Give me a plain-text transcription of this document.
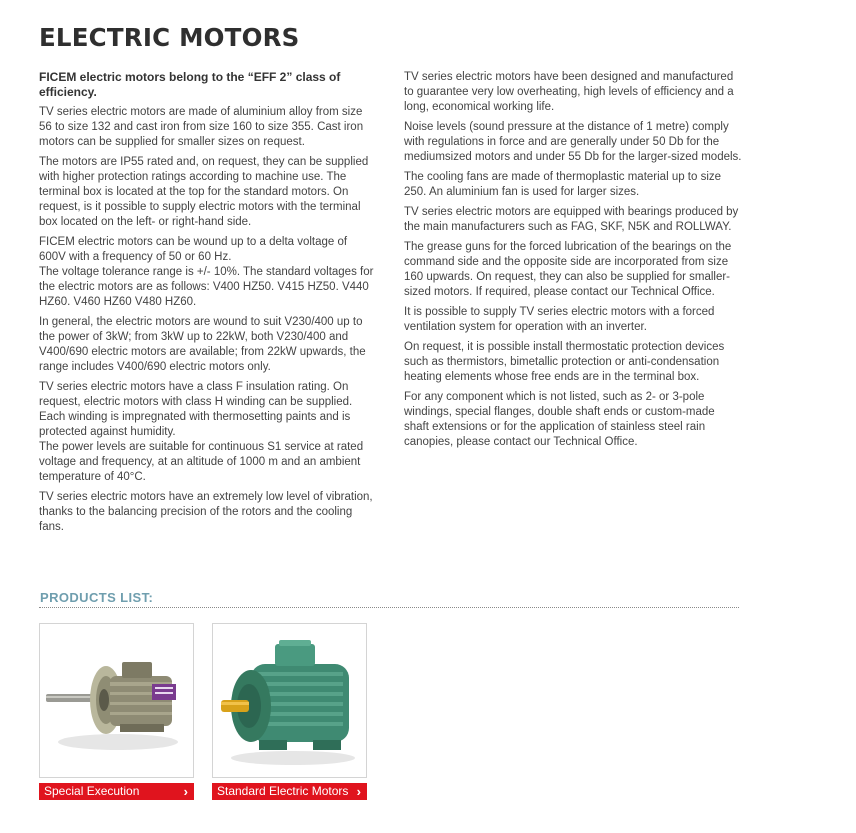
ELECTRIC MOTORS

FICEM electric motors belong to the “EFF 2” class of efficiency.

TV series electric motors are made of aluminium alloy from size 56 to size 132 and cast iron from size 160 to size 355. Cast iron motors can be supplied for smaller sizes on request.

The motors are IP55 rated and, on request, they can be supplied with higher protection ratings according to machine use. The terminal box is located at the top for the standard motors. On request, is it possible to supply electric motors with the terminal box located on the left- or right-hand side.

FICEM electric motors can be wound up to a delta voltage of 600V with a frequency of 50 or 60 Hz.

The voltage tolerance range is +/- 10%. The standard voltages for the electric motors are as follows: V400 HZ50. V415 HZ50. V440 HZ60. V460 HZ60 V480 HZ60.

In general, the electric motors are wound to suit V230/400 up to the power of 3kW; from 3kW up to 22kW, both V230/400 and V400/690 electric motors are available; from 22kW upwards, the range includes V400/690 electric motors only.

TV series electric motors have a class F insulation rating. On request, electric motors with class H winding can be supplied. Each winding is impregnated with thermosetting paints and is protected against humidity.

The power levels are suitable for continuous S1 service at rated voltage and frequency, at an altitude of 1000 m and an ambient temperature of 40°C.

TV series electric motors have an extremely low level of vibration, thanks to the balancing precision of the rotors and the cooling fans.

TV series electric motors have been designed and manufactured to guarantee very low overheating, high levels of efficiency and a long, economical working life.

Noise levels (sound pressure at the distance of 1 metre) comply with regulations in force and are generally under 50 Db for the mediumsized motors and under 55 Db for the larger-sized models.

The cooling fans are made of thermoplastic material up to size 250. An aluminium fan is used for larger sizes.

TV series electric motors are equipped with bearings produced by the main manufacturers such as FAG, SKF, N5K and ROLLWAY.

The grease guns for the forced lubrication of the bearings on the command side and the opposite side are incorporated from size 160 upwards. On request, they can also be supplied for smaller-sized motors. If required, please contact our Technical Office.

It is possible to supply TV series electric motors with a forced ventilation system for operation with an inverter.

On request, it is possible install thermostatic protection devices such as thermistors, bimetallic protection or anti-condensation heating elements whose free ends are in the terminal box.

For any component which is not listed, such as 2- or 3-pole windings, special flanges, double shaft ends or custom-made shaft extensions or for the application of stainless steel rain canopies, please contact our Technical Office.

PRODUCTS LIST:
Special Execution	›	Standard Electric Motors ›
